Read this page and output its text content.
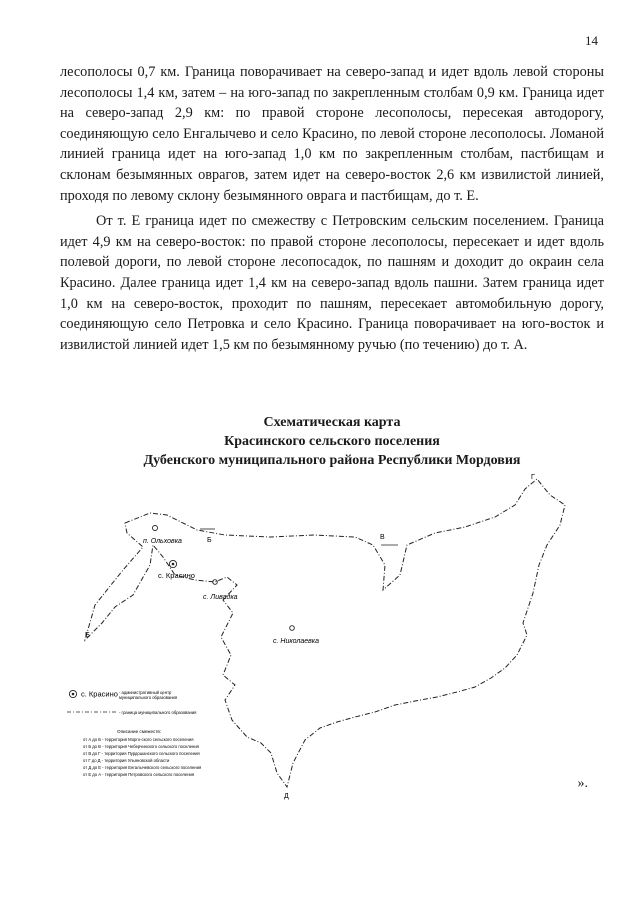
14

лесополосы 0,7 км. Граница поворачивает на северо-запад и идет вдоль левой стороны лесополосы 1,4 км, затем – на юго-запад по закрепленным столбам 0,9 км. Граница идет на северо-запад 2,9 км: по правой стороне лесополосы, пересекая автодорогу, соединяющую село Енгалычево и село Красино, по левой стороне лесополосы. Ломаной линией граница идет на юго-запад 1,0 км по закрепленным столбам, пастбищам и склонам безымянных оврагов, затем идет на северо-восток 2,6 км извилистой линией, проходя по левому склону безымянного оврага и пастбищам, до т. Е.

От т. Е граница идет по смежеству с Петровским сельским поселением. Граница идет 4,9 км на северо-восток: по правой стороне лесополосы, пересекает и идет вдоль полевой дороги, по левой стороне лесопосадок, по пашням и доходит до окраин села Красино. Далее граница идет 1,4 км на северо-запад вдоль пашни. Затем граница идет 1,0 км на северо-восток, проходит по пашням, пересекает автомобильную дорогу, соединяющую село Петровка и село Красино. Граница поворачивает на юго-восток и извилистой линией идет 1,5 км по безымянному ручью (по течению) до т. А.

Схематическая карта
Красинского сельского поселения
Дубенского муниципального района Республики Мордовия
п. Ольховка
с. Красино
с. Ливадка
с. Николаевка
Б	В
Г
Д
Е
с. Красино - административный центр
муниципального образования
- граница муниципального образования
Описание смежеств:
от А до Б - территория Морго-ского сельского поселения
от Б до В - территория Чеберчинского сельского поселения
от В до Г - территория Пурдошанского сельского поселения
от Г до Д - территория Ульяновской области
от Д до Е - территория Енгалычевского сельского поселения
от Е до А - территория Петровского сельского поселения
».
